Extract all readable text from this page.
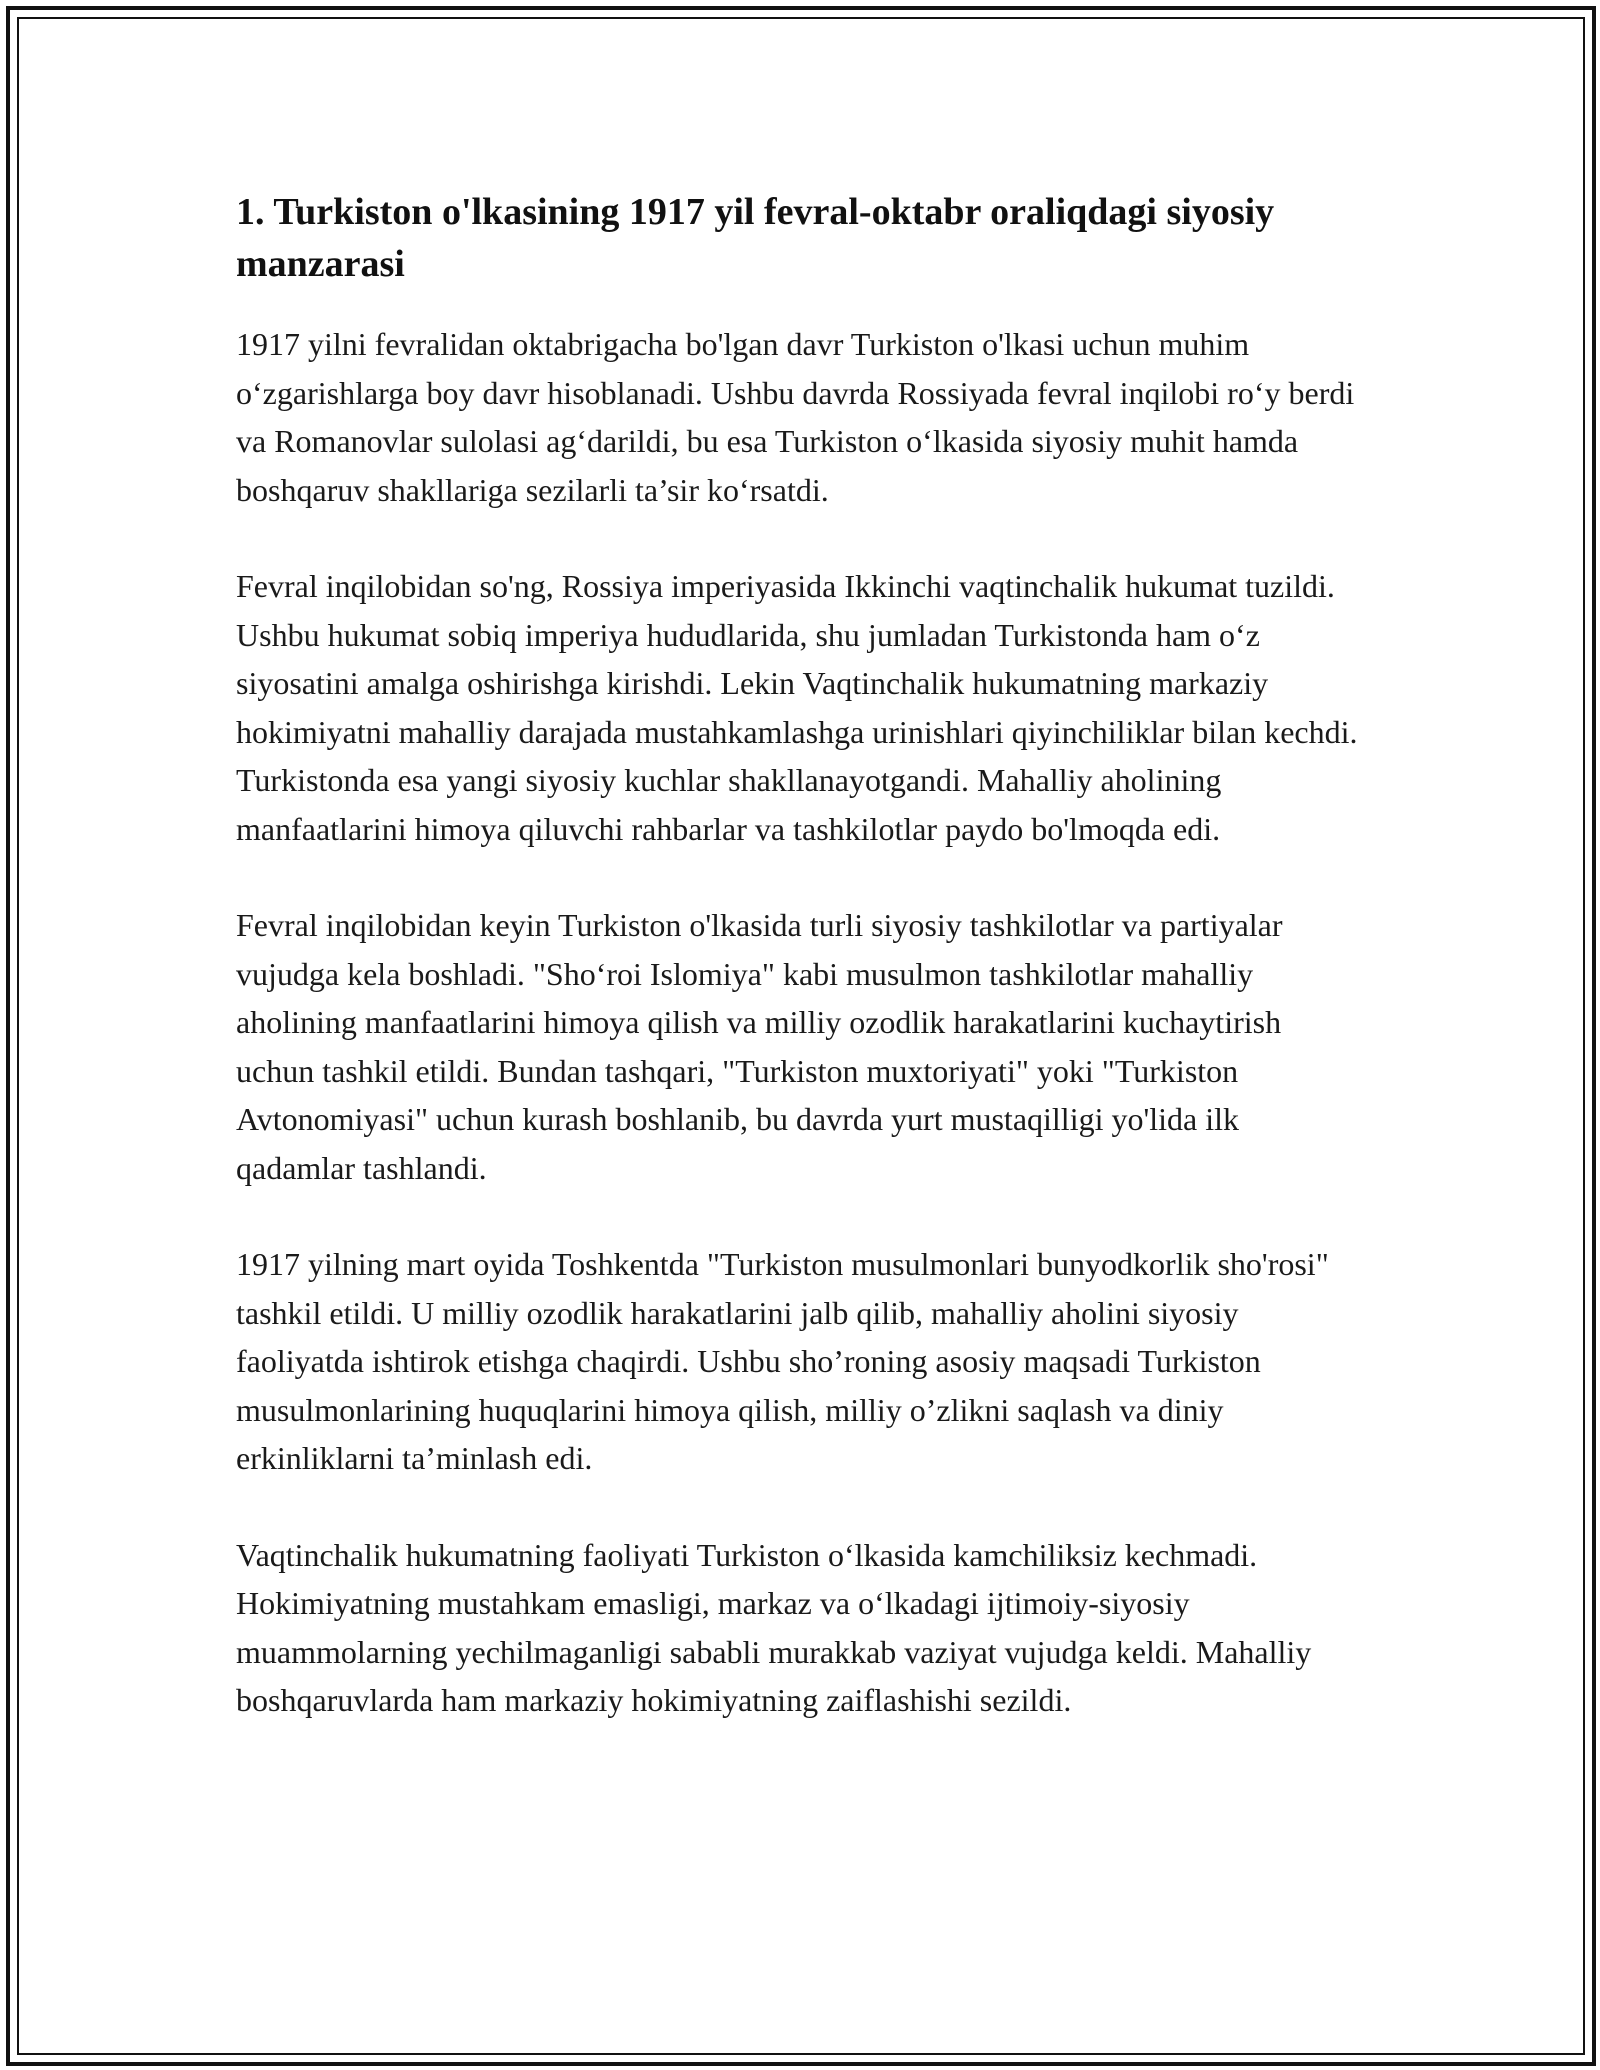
1. Turkiston o'lkasining 1917 yil fevral-oktabr oraliqdagi siyosiy manzarasi

1917 yilni fevralidan oktabrigacha bo'lgan davr Turkiston o'lkasi uchun muhim o‘zgarishlarga boy davr hisoblanadi. Ushbu davrda Rossiyada fevral inqilobi ro‘y berdi va Romanovlar sulolasi ag‘darildi, bu esa Turkiston o‘lkasida siyosiy muhit hamda boshqaruv shakllariga sezilarli ta’sir ko‘rsatdi.

Fevral inqilobidan so'ng, Rossiya imperiyasida Ikkinchi vaqtinchalik hukumat tuzildi. Ushbu hukumat sobiq imperiya hududlarida, shu jumladan Turkistonda ham o‘z siyosatini amalga oshirishga kirishdi. Lekin Vaqtinchalik hukumatning markaziy hokimiyatni mahalliy darajada mustahkamlashga urinishlari qiyinchiliklar bilan kechdi. Turkistonda esa yangi siyosiy kuchlar shakllanayotgandi. Mahalliy aholining manfaatlarini himoya qiluvchi rahbarlar va tashkilotlar paydo bo'lmoqda edi.

Fevral inqilobidan keyin Turkiston o'lkasida turli siyosiy tashkilotlar va partiyalar vujudga kela boshladi. "Sho‘roi Islomiya" kabi musulmon tashkilotlar mahalliy aholining manfaatlarini himoya qilish va milliy ozodlik harakatlarini kuchaytirish uchun tashkil etildi. Bundan tashqari, "Turkiston muxtoriyati" yoki "Turkiston Avtonomiyasi" uchun kurash boshlanib, bu davrda yurt mustaqilligi yo'lida ilk qadamlar tashlandi.

1917 yilning mart oyida Toshkentda "Turkiston musulmonlari bunyodkorlik sho'rosi" tashkil etildi. U milliy ozodlik harakatlarini jalb qilib, mahalliy aholini siyosiy faoliyatda ishtirok etishga chaqirdi. Ushbu sho’roning asosiy maqsadi Turkiston musulmonlarining huquqlarini himoya qilish, milliy o’zlikni saqlash va diniy erkinliklarni ta’minlash edi.

Vaqtinchalik hukumatning faoliyati Turkiston o‘lkasida kamchiliksiz kechmadi. Hokimiyatning mustahkam emasligi, markaz va o‘lkadagi ijtimoiy-siyosiy muammolarning yechilmaganligi sababli murakkab vaziyat vujudga keldi. Mahalliy boshqaruvlarda ham markaziy hokimiyatning zaiflashishi sezildi.
